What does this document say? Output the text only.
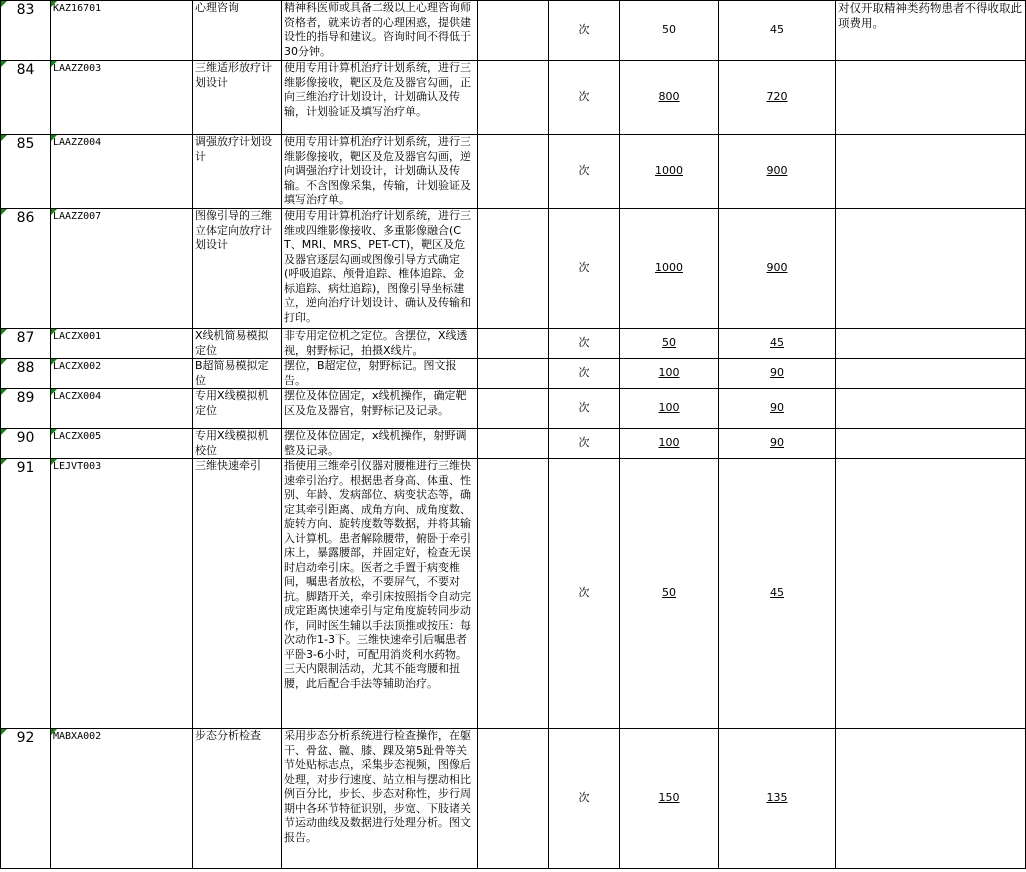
83	KAZ16701	心理咨询	精神科医师或具备二级以上心理咨询师资格者，就来访者的心理困惑，提供建设性的指导和建议。咨询时间不得低于30分钟。		次	50	45	对仅开取精神类药物患者不得收取此项费用。

84	LAAZZ003	三维适形放疗计划设计	使用专用计算机治疗计划系统，进行三维影像接收，靶区及危及器官勾画，正向三维治疗计划设计，计划确认及传输，计划验证及填写治疗单。		次	800	720	

85	LAAZZ004	调强放疗计划设计	使用专用计算机治疗计划系统，进行三维影像接收，靶区及危及器官勾画，逆向调强治疗计划设计，计划确认及传输。不含图像采集，传输，计划验证及填写治疗单。		次	1000	900	

86	LAAZZ007	图像引导的三维立体定向放疗计划设计	使用专用计算机治疗计划系统，进行三维或四维影像接收、多重影像融合(CT、MRI、MRS、PET-CT)，靶区及危及器官逐层勾画或图像引导方式确定(呼吸追踪、颅骨追踪、椎体追踪、金标追踪、病灶追踪)，图像引导坐标建立，逆向治疗计划设计、确认及传输和打印。		次	1000	900	

87	LACZX001	X线机简易模拟定位	非专用定位机之定位。含摆位，X线透视，射野标记，拍摄X线片。		次	50	45	

88	LACZX002	B超简易模拟定位	摆位，B超定位，射野标记。图文报告。		次	100	90	

89	LACZX004	专用X线模拟机定位	摆位及体位固定，x线机操作，确定靶区及危及器官，射野标记及记录。		次	100	90	

90	LACZX005	专用X线模拟机校位	摆位及体位固定，x线机操作，射野调整及记录。		次	100	90	

91	LEJVT003	三维快速牵引	指使用三维牵引仪器对腰椎进行三维快速牵引治疗。根据患者身高、体重、性别、年龄、发病部位、病变状态等，确定其牵引距离、成角方向、成角度数、旋转方向、旋转度数等数据，并将其输入计算机。患者解除腰带，俯卧于牵引床上，暴露腰部，并固定好，检查无误时启动牵引床。医者之手置于病变椎间，嘱患者放松，不要屏气，不要对抗。脚踏开关，牵引床按照指令自动完成定距离快速牵引与定角度旋转同步动作，同时医生辅以手法顶推或按压：每次动作1-3下。三维快速牵引后嘱患者平卧3-6小时，可配用消炎利水药物。三天内限制活动，尤其不能弯腰和扭腰，此后配合手法等辅助治疗。		次	50	45	

92	MABXA002	步态分析检查	采用步态分析系统进行检查操作，在躯干、骨盆、髋、膝、踝及第5趾骨等关节处贴标志点，采集步态视频，图像后处理，对步行速度、站立相与摆动相比例百分比，步长、步态对称性，步行周期中各环节特征识别，步宽、下肢诸关节运动曲线及数据进行处理分析。图文报告。		次	150	135	
